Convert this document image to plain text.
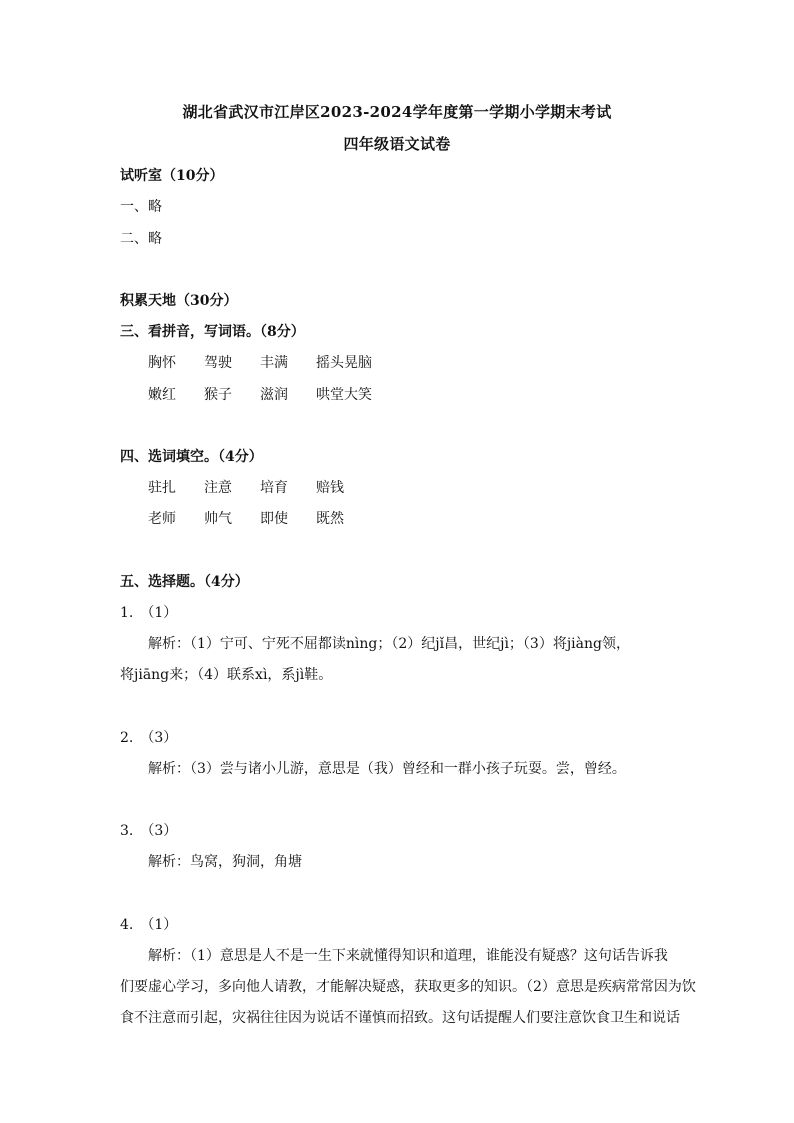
湖北省武汉市江岸区2023-2024学年度第一学期小学期末考试
四年级语文试卷
试听室（10分）
一、略
二、略
积累天地（30分）
三、看拼音，写词语。（8分）
胸怀 驾驶 丰满 摇头晃脑
嫩红 猴子 滋润 哄堂大笑
四、选词填空。（4分）
驻扎 注意 培育 赔钱
老师 帅气 即使 既然
五、选择题。（4分）
1.　（1）
解析：（1）宁可、宁死不屈都读nìng；（2）纪jǐ昌，世纪jì；（3）将jiàng领，
将jiāng来；（4）联系xì，系jì鞋。
2.　（3）
解析：（3）尝与诸小儿游，意思是（我）曾经和一群小孩子玩耍。尝，曾经。
3.　（3）
解析：鸟窝，狗洞，角塘
4.　（1）
解析：（1）意思是人不是一生下来就懂得知识和道理，谁能没有疑惑？这句话告诉我
们要虚心学习，多向他人请教，才能解决疑惑，获取更多的知识。（2）意思是疾病常常因为饮
食不注意而引起，灾祸往往因为说话不谨慎而招致。这句话提醒人们要注意饮食卫生和说话
